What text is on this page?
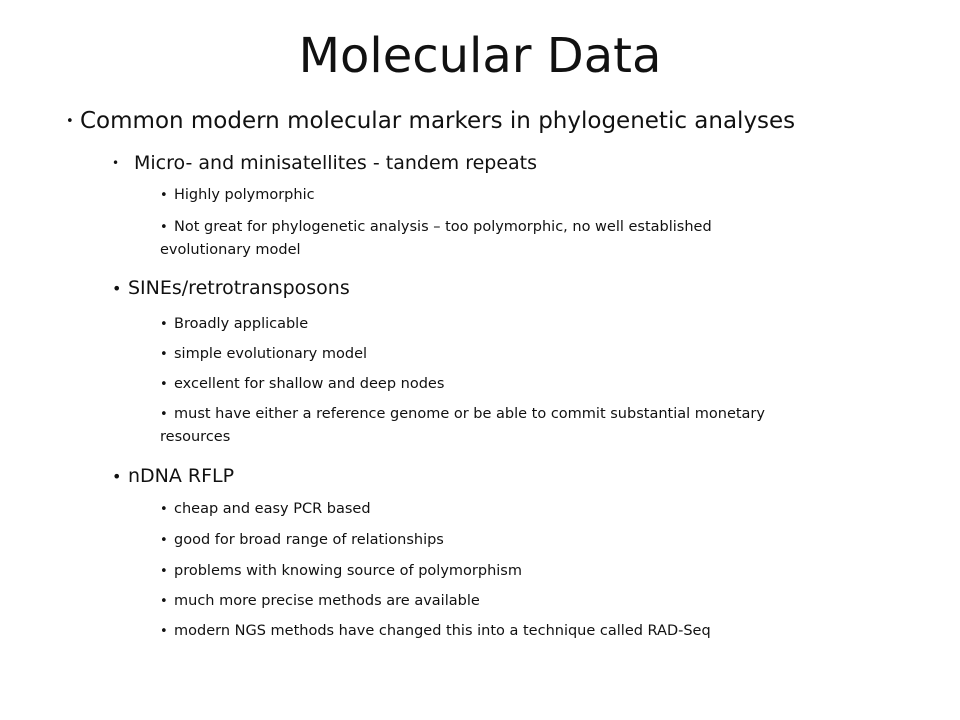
Molecular Data
• Common modern molecular markers in phylogenetic analyses
• Micro- and minisatellites - tandem repeats
• Highly polymorphic
• Not great for phylogenetic analysis – too polymorphic, no well established
evolutionary model
• SINEs/retrotransposons
• Broadly applicable
• simple evolutionary model
• excellent for shallow and deep nodes
• must have either a reference genome or be able to commit substantial monetary
resources
• nDNA RFLP
• cheap and easy PCR based
• good for broad range of relationships
• problems with knowing source of polymorphism
• much more precise methods are available
• modern NGS methods have changed this into a technique called RAD-Seq
